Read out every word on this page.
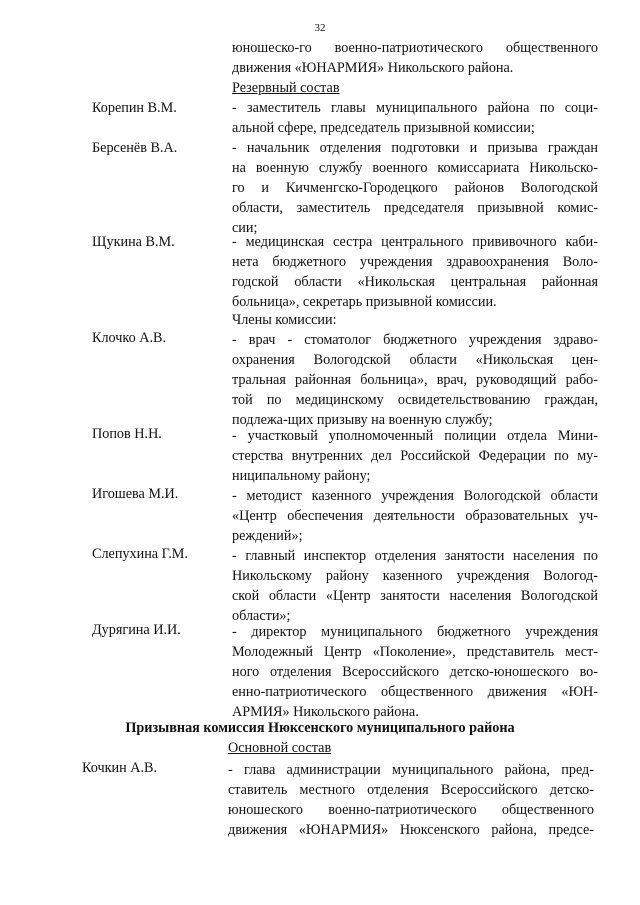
32
юношеско-го военно-патриотического общественного
движения «ЮНАРМИЯ» Никольского района.
Резервный состав
Корепин В.М.	- заместитель главы муниципального района по соци-
альной сфере, председатель призывной комиссии;
Берсенёв В.А.	- начальник отделения подготовки и призыва граждан
на военную службу военного комиссариата Никольско-
го и Кичменгско-Городецкого районов Вологодской
области, заместитель председателя призывной комис-
сии;
Щукина В.М.	- медицинская сестра центрального прививочного каби-
нета бюджетного учреждения здравоохранения Воло-
годской области «Никольская центральная районная
больница», секретарь призывной комиссии.
Члены комиссии:
Клочко А.В.	- врач - стоматолог бюджетного учреждения здраво-
охранения Вологодской области «Никольская цен-
тральная районная больница», врач, руководящий рабо-
той по медицинскому освидетельствованию граждан,
подлежа-щих призыву на военную службу;
Попов Н.Н.	- участковый уполномоченный полиции отдела Мини-
стерства внутренних дел Российской Федерации по му-
ниципальному району;
Игошева М.И.	- методист казенного учреждения Вологодской области
«Центр обеспечения деятельности образовательных уч-
реждений»;
Слепухина Г.М.	- главный инспектор отделения занятости населения по
Никольскому району казенного учреждения Вологод-
ской области «Центр занятости населения Вологодской
области»;
Дурягина И.И.	- директор муниципального бюджетного учреждения
Молодежный Центр «Поколение», представитель мест-
ного отделения Всероссийского детско-юношеского во-
енно-патриотического общественного движения «ЮН-
АРМИЯ» Никольского района.
Призывная комиссия Нюксенского муниципального района
Основной состав
Кочкин А.В.	- глава администрации муниципального района, пред-
ставитель местного отделения Всероссийского детско-
юношеского военно-патриотического общественного
движения «ЮНАРМИЯ» Нюксенского района, предсе-
